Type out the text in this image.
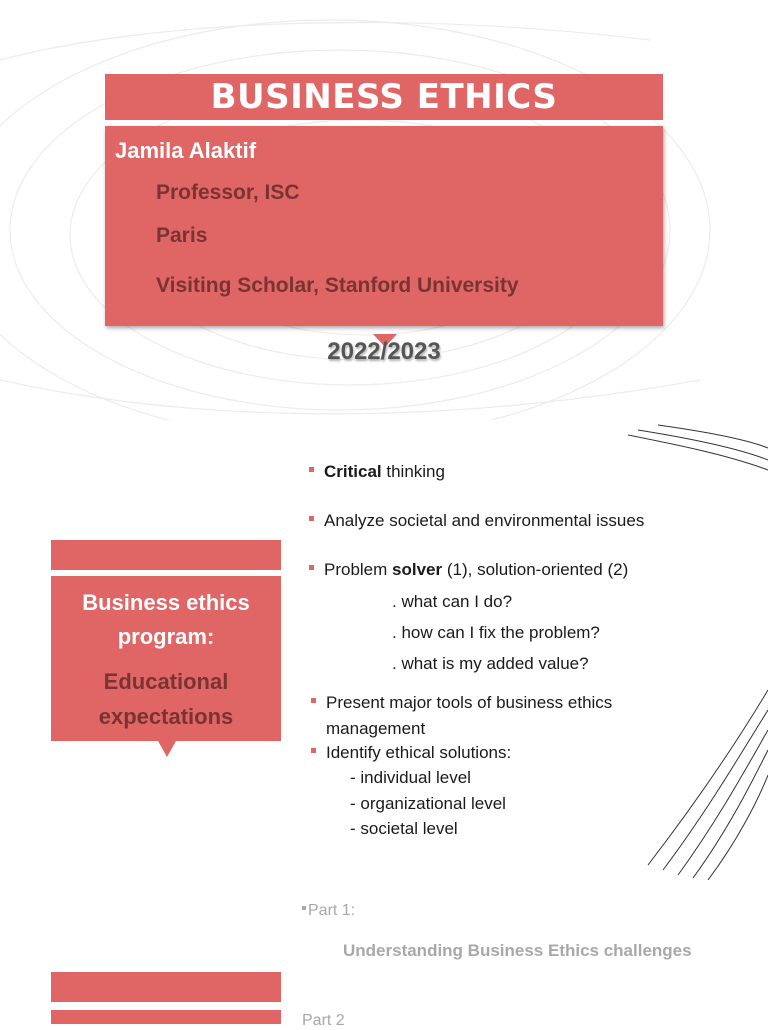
BUSINESS ETHICS
Jamila Alaktif
Professor, ISC
Paris
Visiting Scholar, Stanford University
2022/2023
Business ethics program:
Educational expectations
Critical thinking
Analyze societal and environmental issues
Problem solver (1), solution-oriented (2)
. what can I do?
. how can I fix the problem?
. what is my added value?
Present major tools of business ethics
management
Identify ethical solutions:
- individual level
- organizational level
- societal level
Part 1:
Understanding Business Ethics challenges
Part 2
